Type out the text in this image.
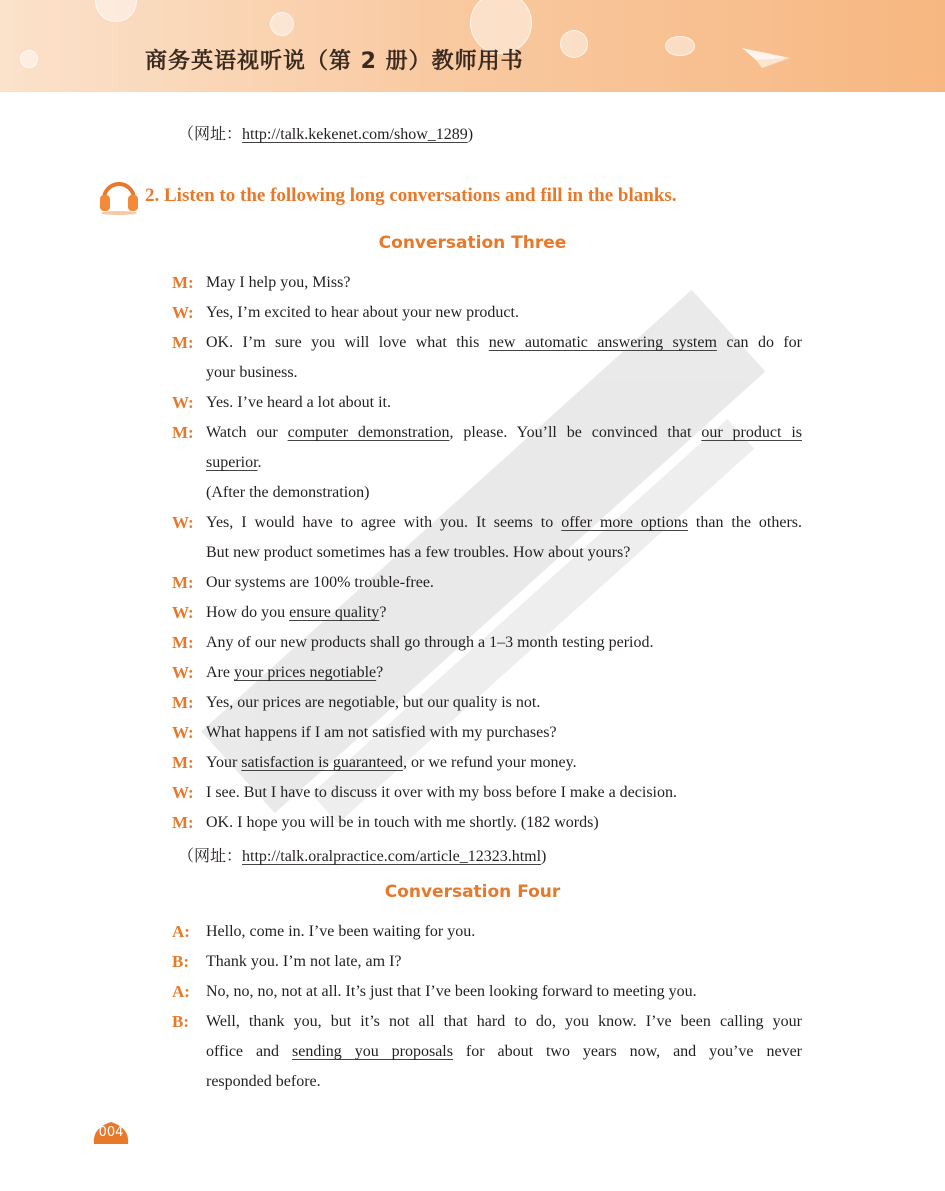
商务英语视听说（第 2 册）教师用书
（网址：http://talk.kekenet.com/show_1289)
2. Listen to the following long conversations and fill in the blanks.
Conversation Three
M: May I help you, Miss?
W: Yes, I’m excited to hear about your new product.
M: OK. I’m sure you will love what this new automatic answering system can do for
your business.
W: Yes. I’ve heard a lot about it.
M: Watch our computer demonstration, please. You’ll be convinced that our product is
superior.
(After the demonstration)
W: Yes, I would have to agree with you. It seems to offer more options than the others.
But new product sometimes has a few troubles. How about yours?
M: Our systems are 100% trouble-free.
W: How do you ensure quality?
M: Any of our new products shall go through a 1–3 month testing period.
W: Are your prices negotiable?
M: Yes, our prices are negotiable, but our quality is not.
W: What happens if I am not satisfied with my purchases?
M: Your satisfaction is guaranteed, or we refund your money.
W: I see. But I have to discuss it over with my boss before I make a decision.
M: OK. I hope you will be in touch with me shortly. (182 words)
（网址：http://talk.oralpractice.com/article_12323.html)
Conversation Four
A:	Hello, come in. I’ve been waiting for you.
B:	Thank you. I’m not late, am I?
A:	No, no, no, not at all. It’s just that I’ve been looking forward to meeting you.
B:	Well, thank you, but it’s not all that hard to do, you know. I’ve been calling your
office and sending you proposals for about two years now, and you’ve never
responded before.
004
